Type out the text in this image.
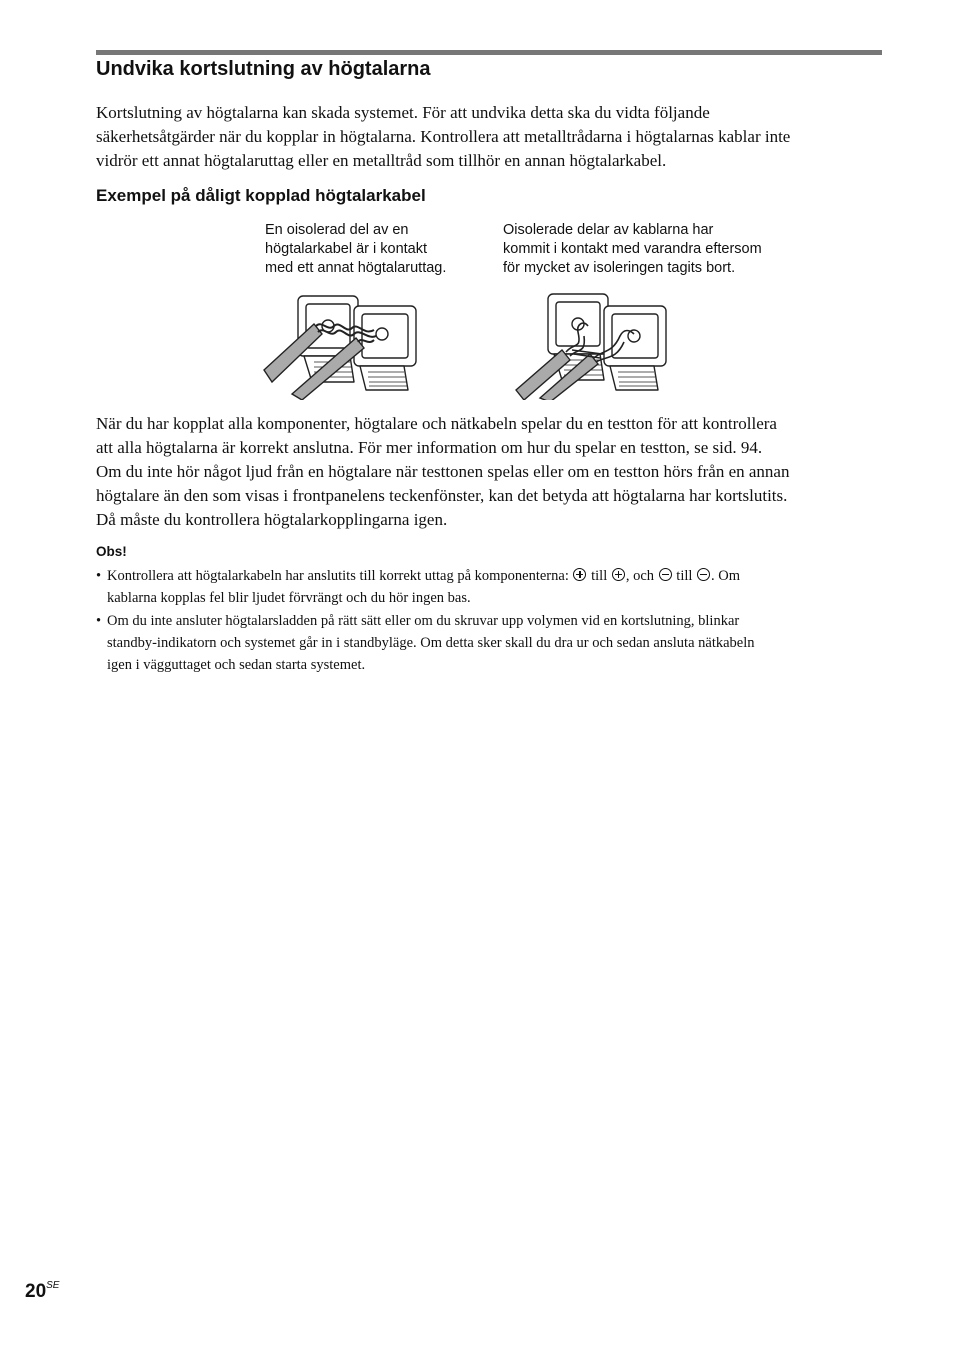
Undvika kortslutning av högtalarna

Kortslutning av högtalarna kan skada systemet. För att undvika detta ska du vidta följande
säkerhetsåtgärder när du kopplar in högtalarna. Kontrollera att metalltrådarna i högtalarnas kablar inte
vidrör ett annat högtalaruttag eller en metalltråd som tillhör en annan högtalarkabel.

Exempel på dåligt kopplad högtalarkabel

En oisolerad del av en
högtalarkabel är i kontakt
med ett annat högtalaruttag.

Oisolerade delar av kablarna har
kommit i kontakt med varandra eftersom
för mycket av isoleringen tagits bort.

När du har kopplat alla komponenter, högtalare och nätkabeln spelar du en testton för att kontrollera
att alla högtalarna är korrekt anslutna. För mer information om hur du spelar en testton, se sid. 94.
Om du inte hör något ljud från en högtalare när testtonen spelas eller om en testton hörs från en annan
högtalare än den som visas i frontpanelens teckenfönster, kan det betyda att högtalarna har kortslutits.
Då måste du kontrollera högtalarkopplingarna igen.

Obs!

• Kontrollera att högtalarkabeln har anslutits till korrekt uttag på komponenterna: till , och till . Om
kablarna kopplas fel blir ljudet förvrängt och du hör ingen bas.
• Om du inte ansluter högtalarsladden på rätt sätt eller om du skruvar upp volymen vid en kortslutning, blinkar
standby-indikatorn och systemet går in i standbyläge. Om detta sker skall du dra ur och sedan ansluta nätkabeln
igen i vägguttaget och sedan starta systemet.
$20^{SE}$
